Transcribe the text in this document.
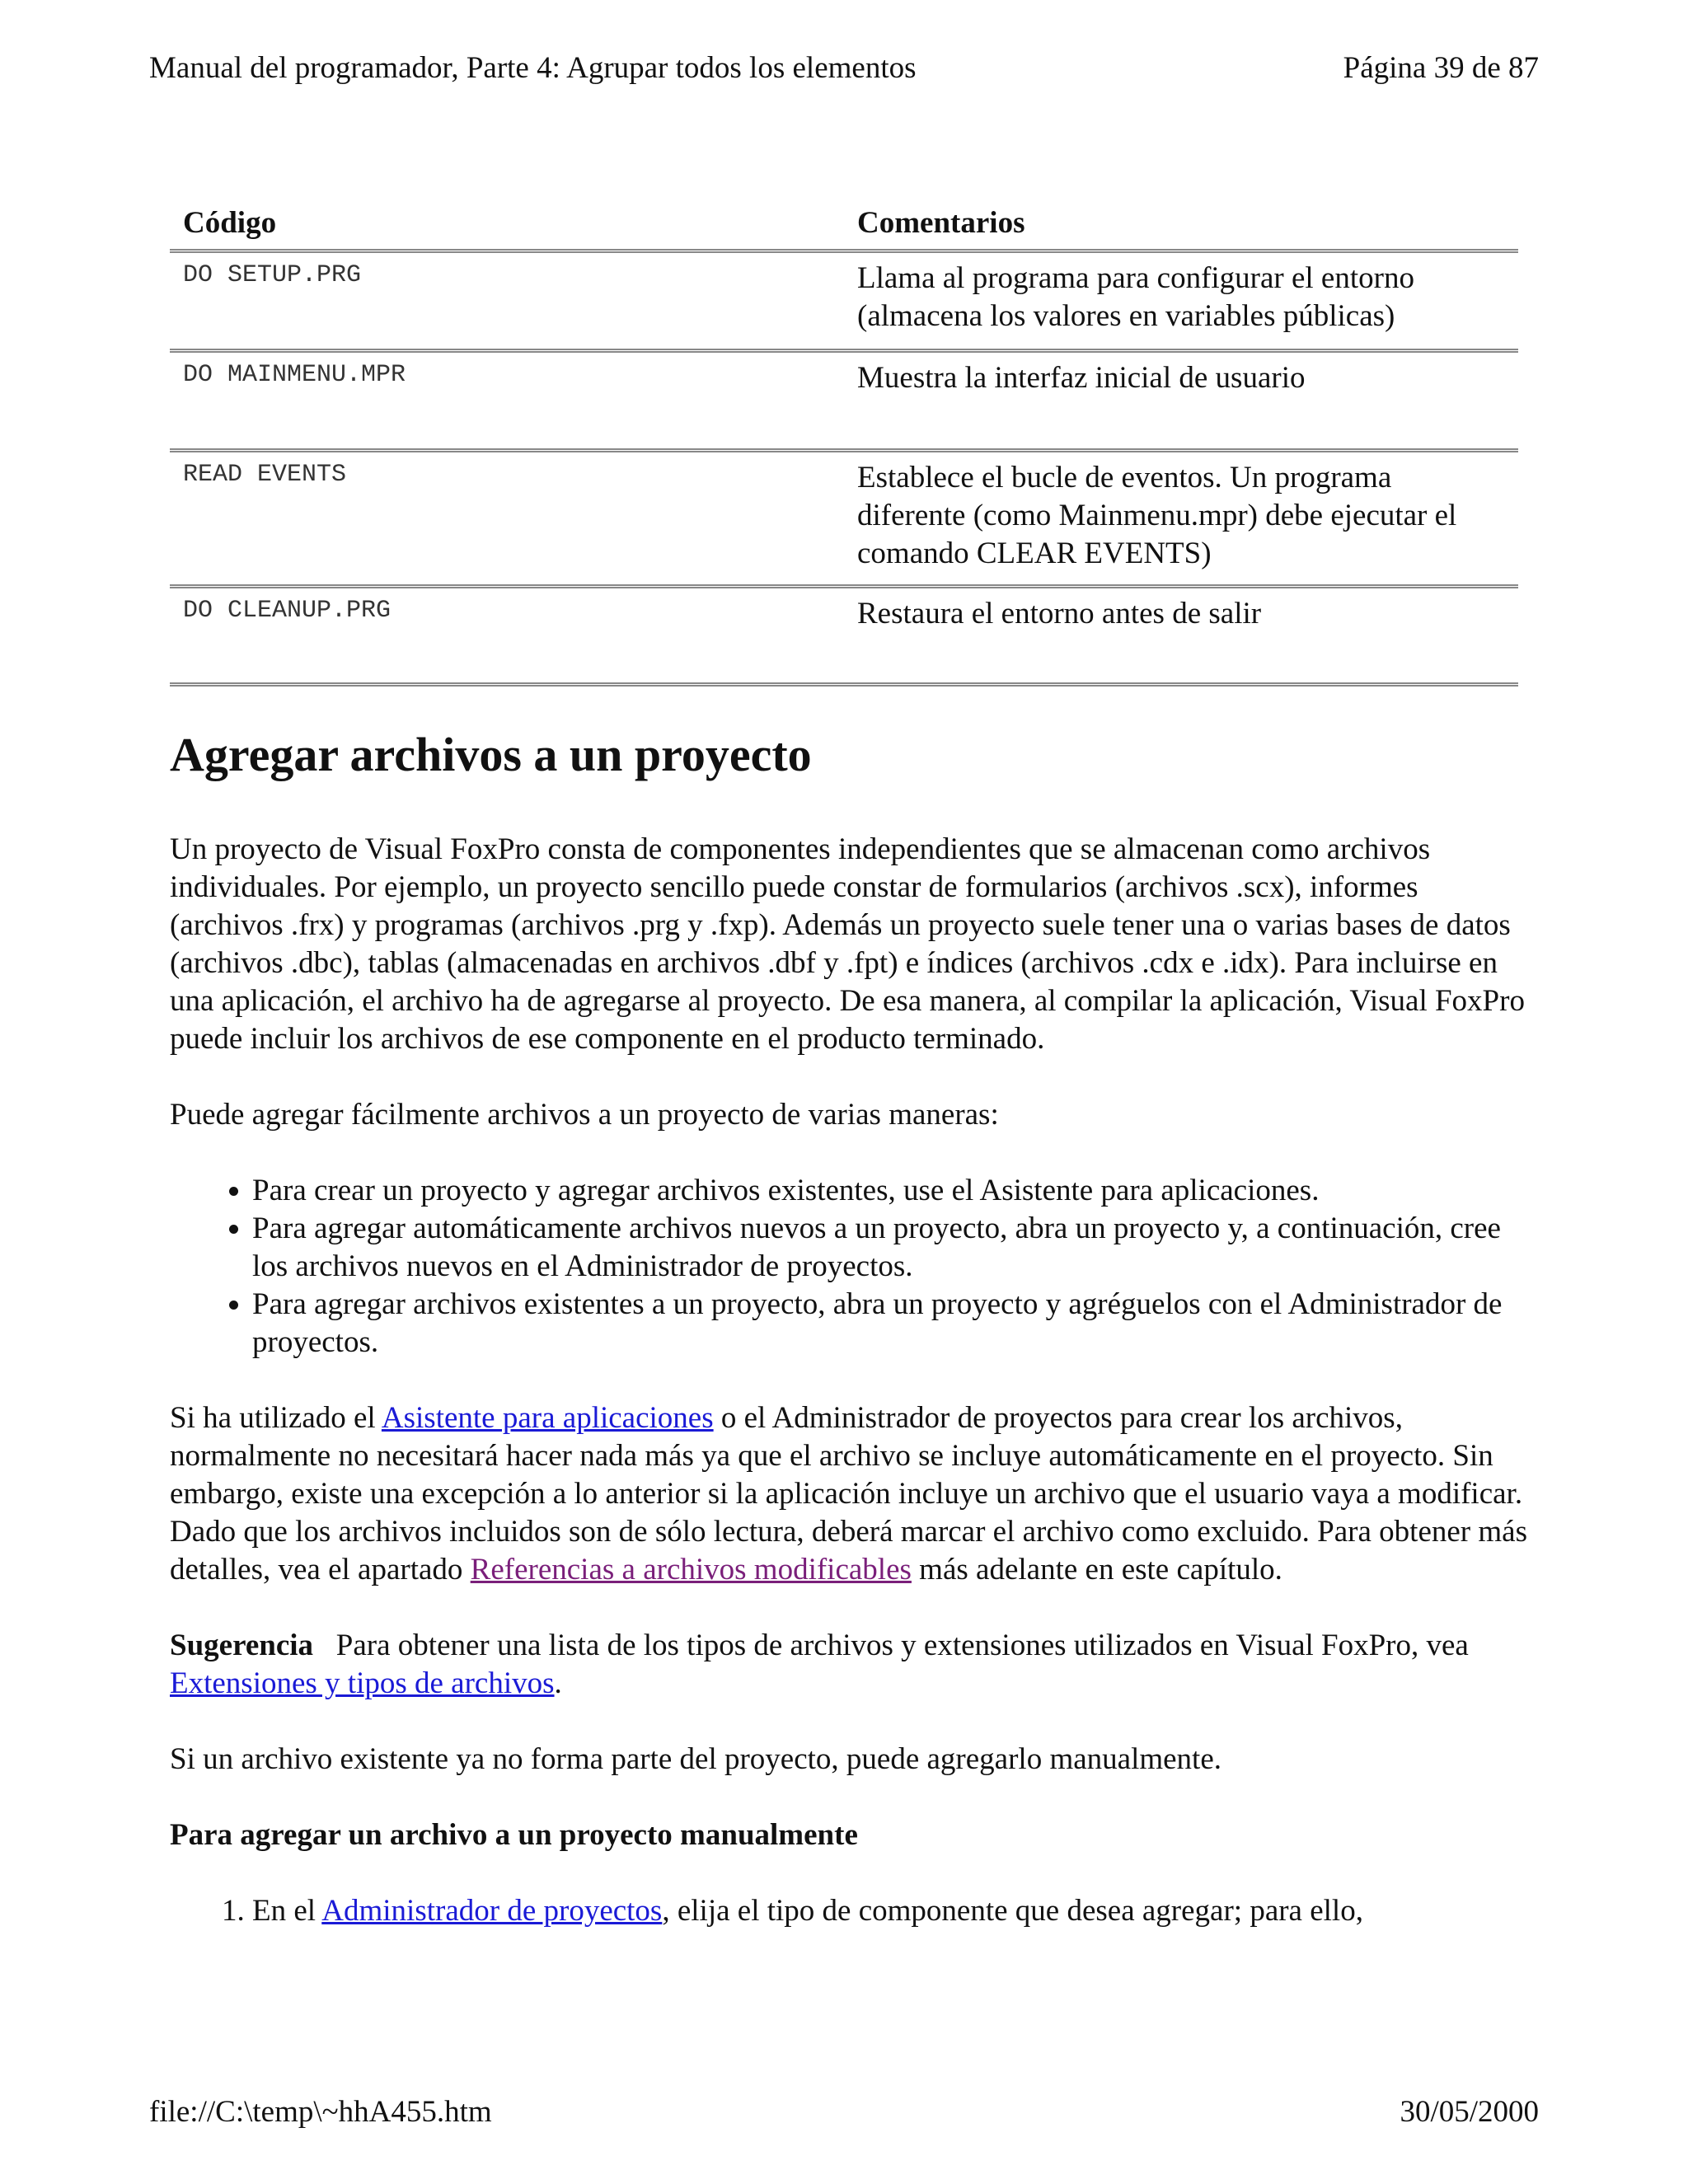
Manual del programador, Parte 4: Agrupar todos los elementos	Página 39 de 87
Código	Comentarios
DO SETUP.PRG	Llama al programa para configurar el entorno (almacena los valores en variables públicas)
DO MAINMENU.MPR	Muestra la interfaz inicial de usuario
READ EVENTS	Establece el bucle de eventos. Un programa diferente (como Mainmenu.mpr) debe ejecutar el comando CLEAR EVENTS)
DO CLEANUP.PRG	Restaura el entorno antes de salir
Agregar archivos a un proyecto

Un proyecto de Visual FoxPro consta de componentes independientes que se almacenan como archivos individuales. Por ejemplo, un proyecto sencillo puede constar de formularios (archivos .scx), informes (archivos .frx) y programas (archivos .prg y .fxp). Además un proyecto suele tener una o varias bases de datos (archivos .dbc), tablas (almacenadas en archivos .dbf y .fpt) e índices (archivos .cdx e .idx). Para incluirse en una aplicación, el archivo ha de agregarse al proyecto. De esa manera, al compilar la aplicación, Visual FoxPro puede incluir los archivos de ese componente en el producto terminado.

Puede agregar fácilmente archivos a un proyecto de varias maneras:

• Para crear un proyecto y agregar archivos existentes, use el Asistente para aplicaciones.
• Para agregar automáticamente archivos nuevos a un proyecto, abra un proyecto y, a continuación, cree los archivos nuevos en el Administrador de proyectos.
• Para agregar archivos existentes a un proyecto, abra un proyecto y agréguelos con el Administrador de proyectos.

Si ha utilizado el Asistente para aplicaciones o el Administrador de proyectos para crear los archivos, normalmente no necesitará hacer nada más ya que el archivo se incluye automáticamente en el proyecto. Sin embargo, existe una excepción a lo anterior si la aplicación incluye un archivo que el usuario vaya a modificar. Dado que los archivos incluidos son de sólo lectura, deberá marcar el archivo como excluido. Para obtener más detalles, vea el apartado Referencias a archivos modificables más adelante en este capítulo.

Sugerencia   Para obtener una lista de los tipos de archivos y extensiones utilizados en Visual FoxPro, vea Extensiones y tipos de archivos.

Si un archivo existente ya no forma parte del proyecto, puede agregarlo manualmente.

Para agregar un archivo a un proyecto manualmente

1. En el Administrador de proyectos, elija el tipo de componente que desea agregar; para ello,
file://C:\temp\~hhA455.htm	30/05/2000
